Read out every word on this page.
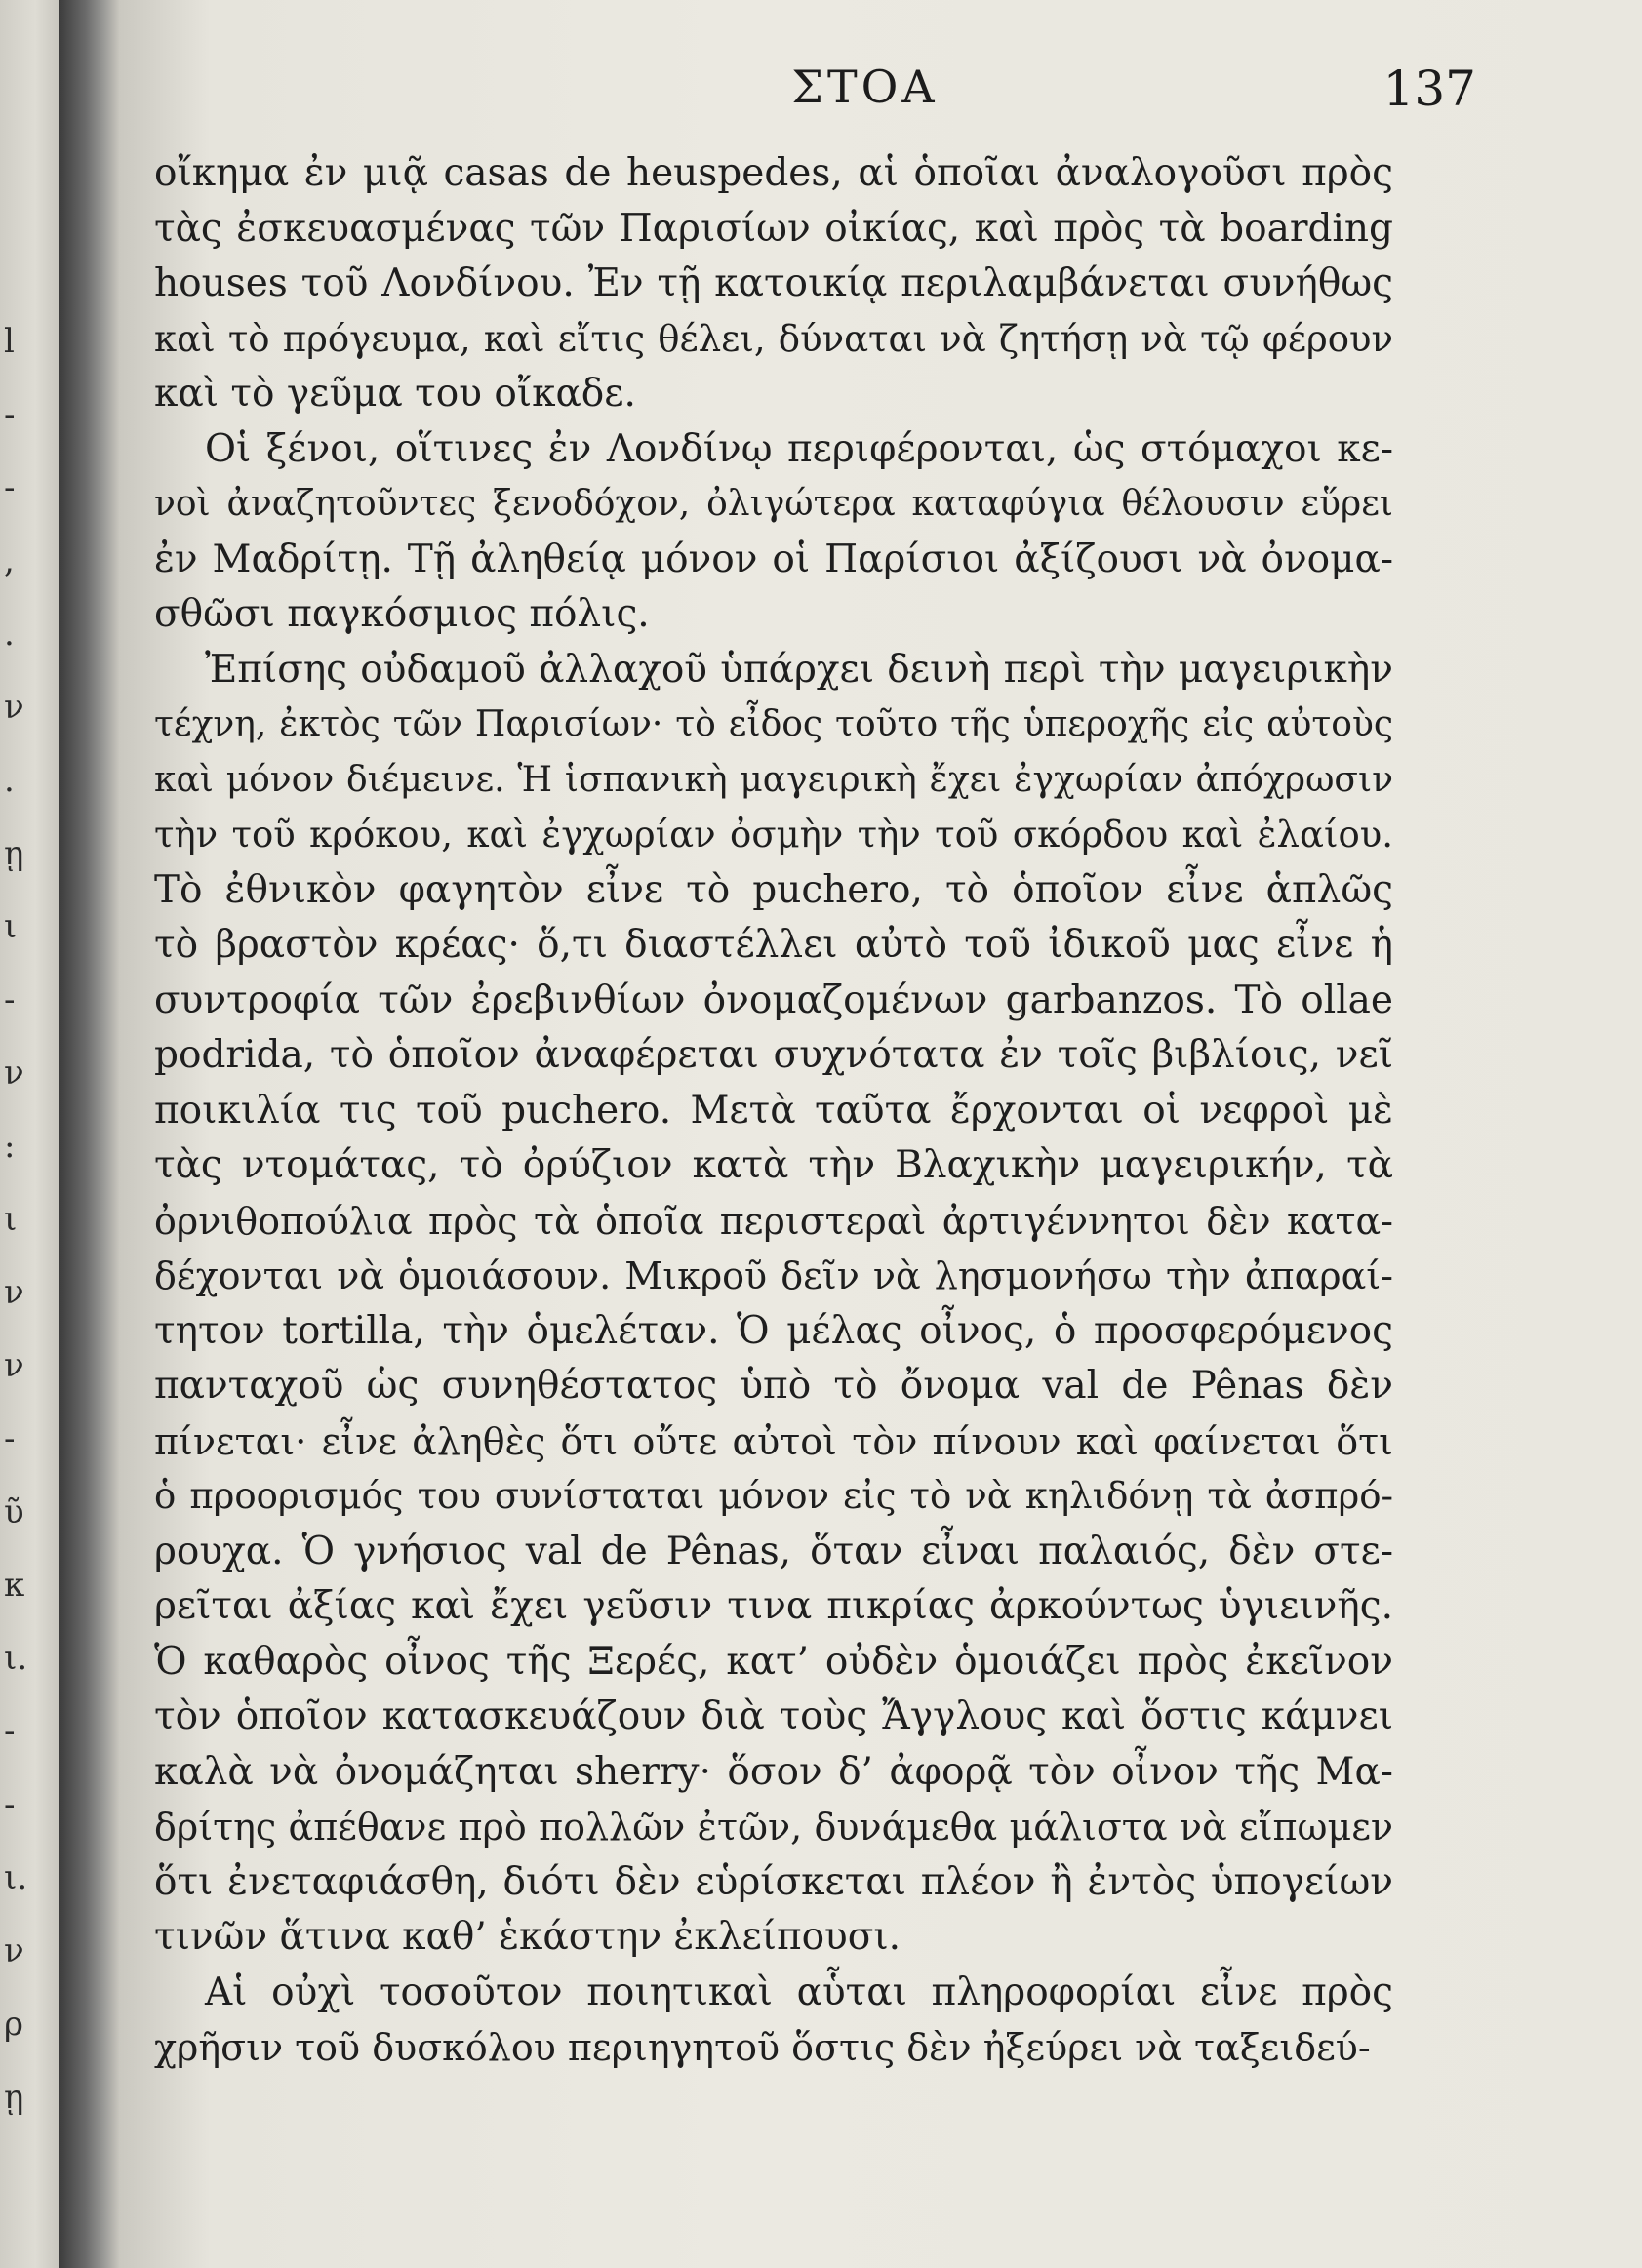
l
-
-
,
.
ν
.
ῃ
ι
-
ν
:
ι
ν
ν
-
ῦ
κ
ι.
-
-
ι.
ν
ρ
ῃ
ΣΤΟΑ	137
οἴκημα ἐν μιᾷ casas de heuspedes, αἱ ὁποῖαι ἀναλογοῦσι πρὸς
τὰς ἐσκευασμένας τῶν Παρισίων οἰκίας, καὶ πρὸς τὰ boarding
houses τοῦ Λονδίνου. Ἐν τῇ κατοικίᾳ περιλαμβάνεται συνήθως
καὶ τὸ πρόγευμα, καὶ εἴτις θέλει, δύναται νὰ ζητήσῃ νὰ τῷ φέρουν
καὶ τὸ γεῦμα του οἴκαδε.
Οἱ ξένοι, οἵτινες ἐν Λονδίνῳ περιφέρονται, ὡς στόμαχοι κε-
νοὶ ἀναζητοῦντες ξενοδόχον, ὀλιγώτερα καταφύγια θέλουσιν εὕρει
ἐν Μαδρίτῃ. Τῇ ἀληθείᾳ μόνον οἱ Παρίσιοι ἀξίζουσι νὰ ὀνομα-
σθῶσι παγκόσμιος πόλις.
Ἐπίσης οὐδαμοῦ ἀλλαχοῦ ὑπάρχει δεινὴ περὶ τὴν μαγειρικὴν
τέχνη, ἐκτὸς τῶν Παρισίων· τὸ εἶδος τοῦτο τῆς ὑπεροχῆς εἰς αὐτοὺς
καὶ μόνον διέμεινε. Ἡ ἱσπανικὴ μαγειρικὴ ἔχει ἐγχωρίαν ἀπόχρωσιν
τὴν τοῦ κρόκου, καὶ ἐγχωρίαν ὀσμὴν τὴν τοῦ σκόρδου καὶ ἐλαίου.
Τὸ ἐθνικὸν φαγητὸν εἶνε τὸ puchero, τὸ ὁποῖον εἶνε ἁπλῶς
τὸ βραστὸν κρέας· ὅ,τι διαστέλλει αὐτὸ τοῦ ἰδικοῦ μας εἶνε ἡ
συντροφία τῶν ἐρεβινθίων ὀνομαζομένων garbanzos. Τὸ ollae
podrida, τὸ ὁποῖον ἀναφέρεται συχνότατα ἐν τοῖς βιβλίοις, νεῖ
ποικιλία τις τοῦ puchero. Μετὰ ταῦτα ἔρχονται οἱ νεφροὶ μὲ
τὰς ντομάτας, τὸ ὀρύζιον κατὰ τὴν Βλαχικὴν μαγειρικήν, τὰ
ὀρνιθοπούλια πρὸς τὰ ὁποῖα περιστεραὶ ἀρτιγέννητοι δὲν κατα-
δέχονται νὰ ὁμοιάσουν. Μικροῦ δεῖν νὰ λησμονήσω τὴν ἀπαραί-
τητον tortilla, τὴν ὁμελέταν. Ὁ μέλας οἶνος, ὁ προσφερόμενος
πανταχοῦ ὡς συνηθέστατος ὑπὸ τὸ ὄνομα val de Pênas δὲν
πίνεται· εἶνε ἀληθὲς ὅτι οὔτε αὐτοὶ τὸν πίνουν καὶ φαίνεται ὅτι
ὁ προορισμός του συνίσταται μόνον εἰς τὸ νὰ κηλιδόνῃ τὰ ἀσπρό-
ρουχα. Ὁ γνήσιος val de Pênas, ὅταν εἶναι παλαιός, δὲν στε-
ρεῖται ἀξίας καὶ ἔχει γεῦσιν τινα πικρίας ἀρκούντως ὑγιεινῆς.
Ὁ καθαρὸς οἶνος τῆς Ξερές, κατ’ οὐδὲν ὁμοιάζει πρὸς ἐκεῖνον
τὸν ὁποῖον κατασκευάζουν διὰ τοὺς Ἄγγλους καὶ ὅστις κάμνει
καλὰ νὰ ὀνομάζηται sherry· ὅσον δ’ ἀφορᾷ τὸν οἶνον τῆς Μα-
δρίτης ἀπέθανε πρὸ πολλῶν ἐτῶν, δυνάμεθα μάλιστα νὰ εἴπωμεν
ὅτι ἐνεταφιάσθη, διότι δὲν εὑρίσκεται πλέον ἢ ἐντὸς ὑπογείων
τινῶν ἅτινα καθ’ ἑκάστην ἐκλείπουσι.
Αἱ οὐχὶ τοσοῦτον ποιητικαὶ αὗται πληροφορίαι εἶνε πρὸς
χρῆσιν τοῦ δυσκόλου περιηγητοῦ ὅστις δὲν ἠξεύρει νὰ ταξειδεύ-
